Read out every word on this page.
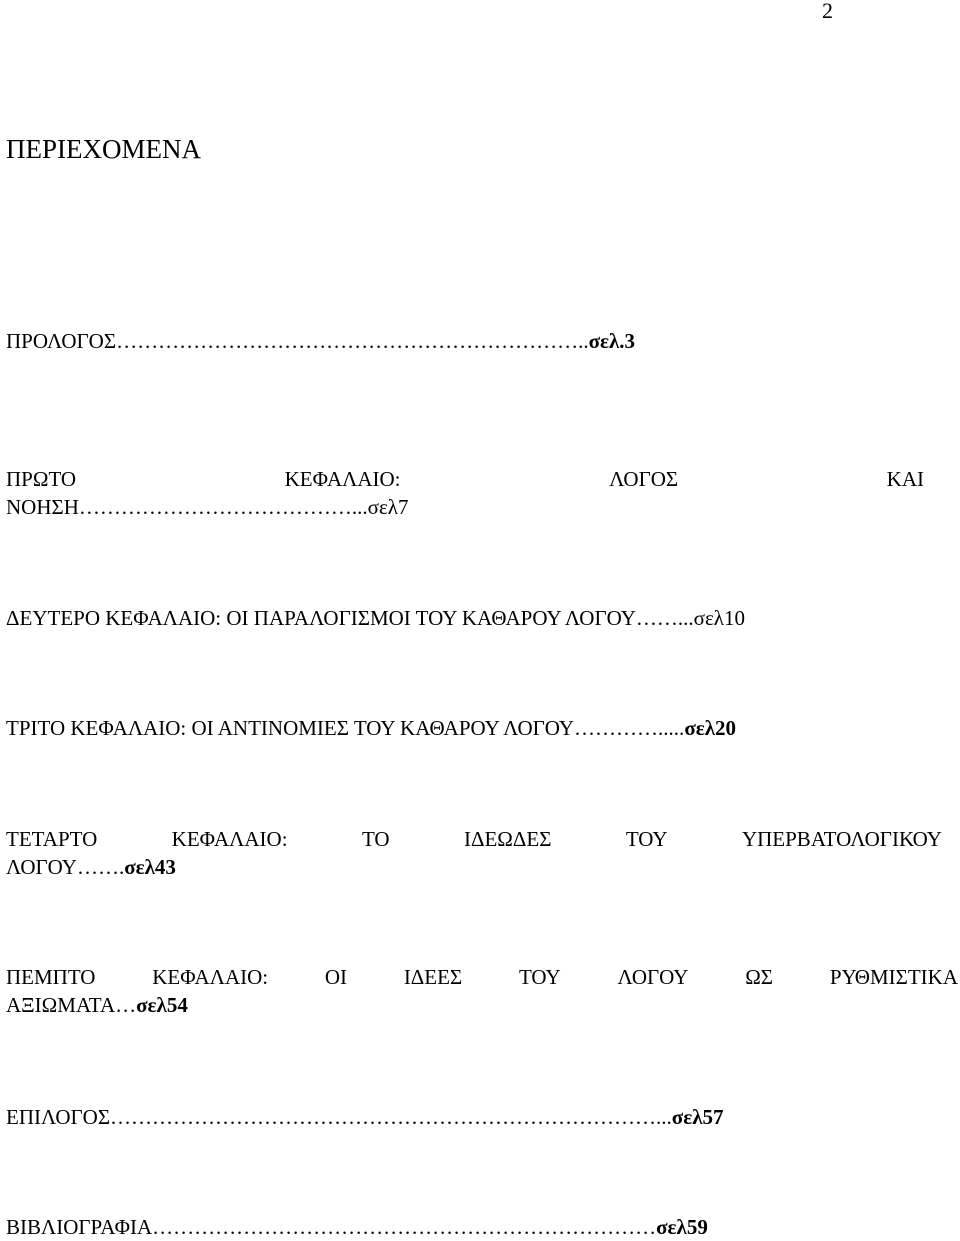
2
ΠΕΡΙΕΧΟΜΕΝΑ
ΠΡΟΛΟΓΟΣ…………………………………………………………..σελ.3
ΠΡΩΤΟ	ΚΕΦΑΛΑΙΟ:	ΛΟΓΟΣ	ΚΑΙ
ΝΟΗΣΗ…………………………………...σελ7
ΔΕΥΤΕΡΟ ΚΕΦΑΛΑΙΟ: ΟΙ ΠΑΡΑΛΟΓΙΣΜΟΙ ΤΟΥ ΚΑΘΑΡΟΥ ΛΟΓΟΥ……...σελ10
ΤΡΙΤΟ ΚΕΦΑΛΑΙΟ: ΟΙ ΑΝΤΙΝΟΜΙΕΣ ΤΟΥ ΚΑΘΑΡΟΥ ΛΟΓΟΥ………….....σελ20
ΤΕΤΑΡΤΟ	ΚΕΦΑΛΑΙΟ:	ΤΟ	ΙΔΕΩΔΕΣ	ΤΟΥ	ΥΠΕΡΒΑΤΟΛΟΓΙΚΟΥ
ΛΟΓΟΥ…….σελ43
ΠΕΜΠΤΟ	ΚΕΦΑΛΑΙΟ:	ΟΙ	ΙΔΕΕΣ	ΤΟΥ	ΛΟΓΟΥ	ΩΣ	ΡΥΘΜΙΣΤΙΚΑ
ΑΞΙΩΜΑΤΑ…σελ54
ΕΠΙΛΟΓΟΣ……………………………………………………………………...σελ57
ΒΙΒΛΙΟΓΡΑΦΙΑ………………………………………………………………σελ59
